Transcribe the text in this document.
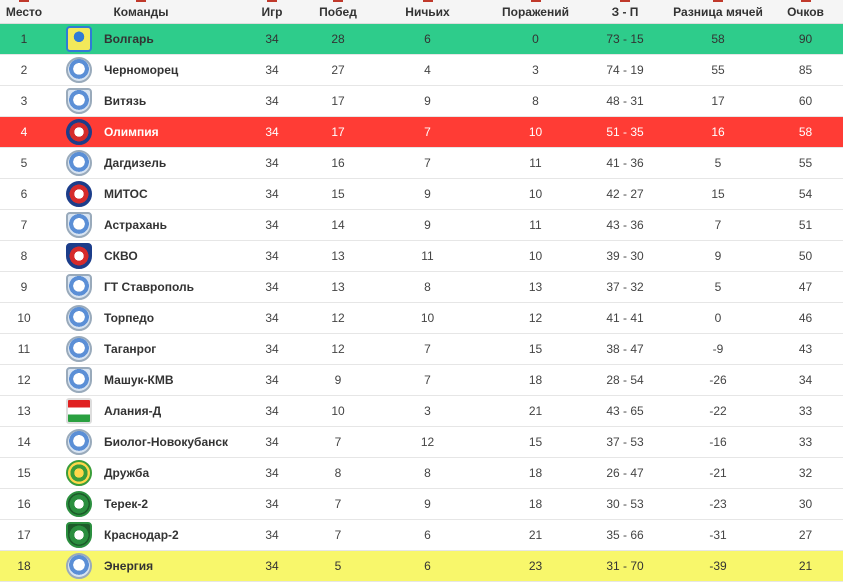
Место	Команды		Игр	Побед	Ничьих	Поражений	З - П	Разница мячей	Очков
1		Волгарь	34	28	6	0	73 - 15	58	90
2		Черноморец	34	27	4	3	74 - 19	55	85
3		Витязь	34	17	9	8	48 - 31	17	60
4		Олимпия	34	17	7	10	51 - 35	16	58
5		Дагдизель	34	16	7	11	41 - 36	5	55
6		МИТОС	34	15	9	10	42 - 27	15	54
7		Астрахань	34	14	9	11	43 - 36	7	51
8		СКВО	34	13	11	10	39 - 30	9	50
9		ГТ Ставрополь	34	13	8	13	37 - 32	5	47
10		Торпедо	34	12	10	12	41 - 41	0	46
11		Таганрог	34	12	7	15	38 - 47	-9	43
12		Машук-КМВ	34	9	7	18	28 - 54	-26	34
13		Алания-Д	34	10	3	21	43 - 65	-22	33
14		Биолог-Новокубанск	34	7	12	15	37 - 53	-16	33
15		Дружба	34	8	8	18	26 - 47	-21	32
16		Терек-2	34	7	9	18	30 - 53	-23	30
17		Краснодар-2	34	7	6	21	35 - 66	-31	27
18		Энергия	34	5	6	23	31 - 70	-39	21
